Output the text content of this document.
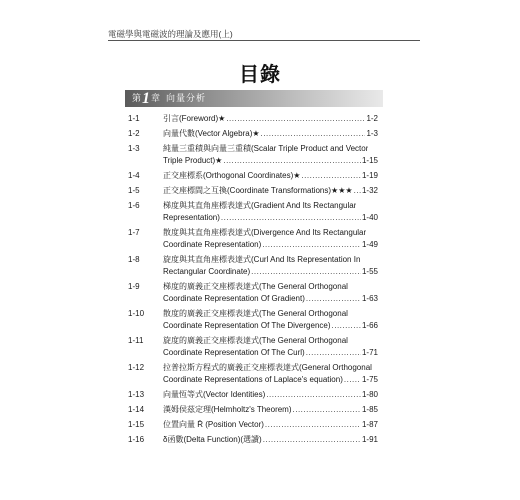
電磁學與電磁波的理論及應用(上)
目錄
第1章 向量分析
1-1	引言(Foreword)★ .....	1-2
1-2	向量代數(Vector Algebra)★ .....	1-3
1-3	純量三重積與向量三重積(Scalar Triple Product and Vector
Triple Product)★ .....	1-15
1-4	正交座標系(Orthogonal Coordinates)★ .....	1-19
1-5	正交座標間之互換(Coordinate Transformations)★★★ ..... 1-32
1-6	梯度與其直角座標表達式(Gradient And Its Rectangular
Representation) .....	1-40
1-7	散度與其直角座標表達式(Divergence And Its Rectangular
Coordinate Representation) .....	1-49
1-8	旋度與其直角座標表達式(Curl And Its Representation In
Rectangular Coordinate) .....	1-55
1-9	梯度的廣義正交座標表達式(The General Orthogonal
Coordinate Representation Of Gradient) .....	1-63
1-10	散度的廣義正交座標表達式(The General Orthogonal
Coordinate Representation Of The Divergence) .....	1-66
1-11	旋度的廣義正交座標表達式(The General Orthogonal
Coordinate Representation Of The Curl) .....	1-71
1-12	拉普拉斯方程式的廣義正交座標表達式(General Orthogonal
Coordinate Representations of Laplace's equation) ..... 1-75
1-13	向量恆等式(Vector Identities) .....	1-80
1-14	漢姆侯茲定理(Helmholtz's Theorem) .....	1-85
1-15	位置向量 R̄ (Position Vector) .....	1-87
1-16	δ函數(Delta Function)(選讀) .....	1-91
